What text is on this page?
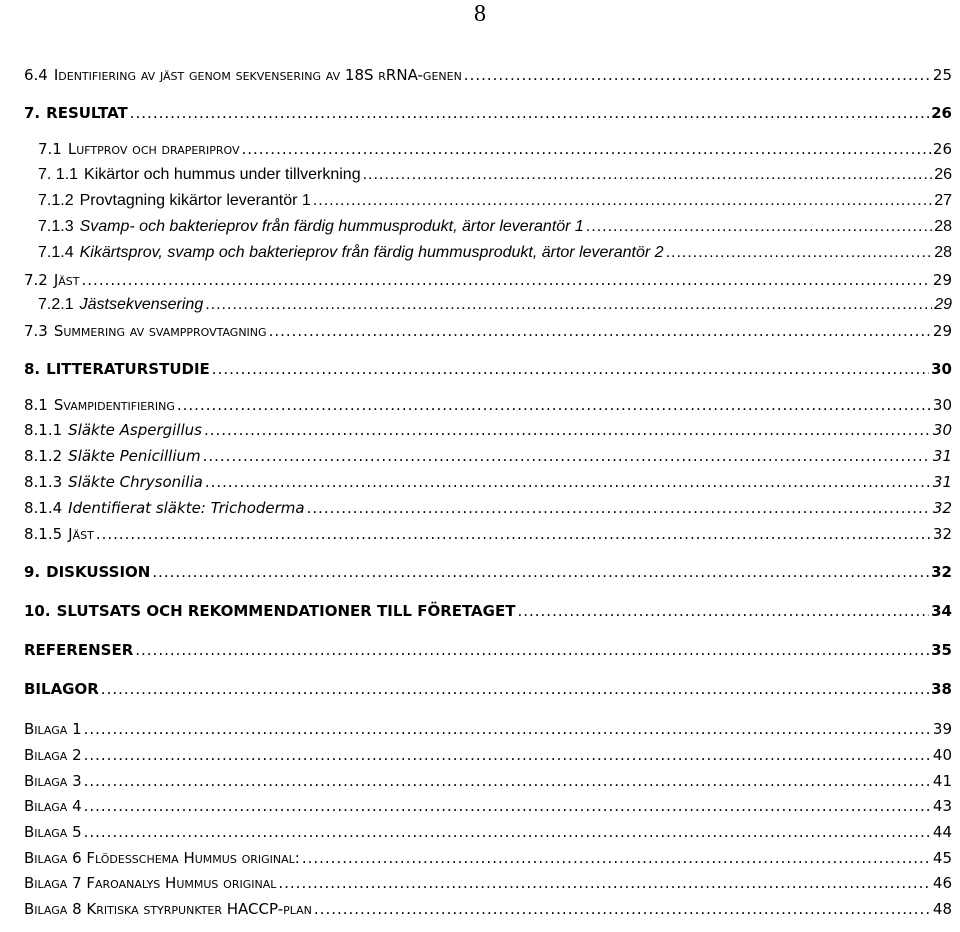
8
6.4 Identifiering av jäst genom sekvensering av 18S rRNA-genen .....	25
7. RESULTAT .....	26
7.1 Luftprov och draperiprov .....	26
7. 1.1 Kikärtor och hummus under tillverkning .....	26
7.1.2 Provtagning kikärtor leverantör 1 .....	27
7.1.3 Svamp- och bakterieprov från färdig hummusprodukt, ärtor leverantör 1 .....	28
7.1.4 Kikärtsprov, svamp och bakterieprov från färdig hummusprodukt, ärtor leverantör 2 .....	28
7.2 Jäst .....	29
7.2.1 Jästsekvensering .....	29
7.3 Summering av svampprovtagning .....	29
8. LITTERATURSTUDIE .....	30
8.1 Svampidentifiering .....	30
8.1.1 Släkte Aspergillus .....	30
8.1.2 Släkte Penicillium .....	31
8.1.3 Släkte Chrysonilia .....	31
8.1.4 Identifierat släkte: Trichoderma .....	32
8.1.5 Jäst .....	32
9. DISKUSSION .....	32
10. SLUTSATS OCH REKOMMENDATIONER TILL FÖRETAGET .....	34
REFERENSER .....	35
BILAGOR .....	38
Bilaga 1 .....	39
Bilaga 2 .....	40
Bilaga 3 .....	41
Bilaga 4 .....	43
Bilaga 5 .....	44
Bilaga 6 Flödesschema Hummus original: .....	45
Bilaga 7 Faroanalys Hummus original .....	46
Bilaga 8 Kritiska styrpunkter HACCP-plan .....	48
